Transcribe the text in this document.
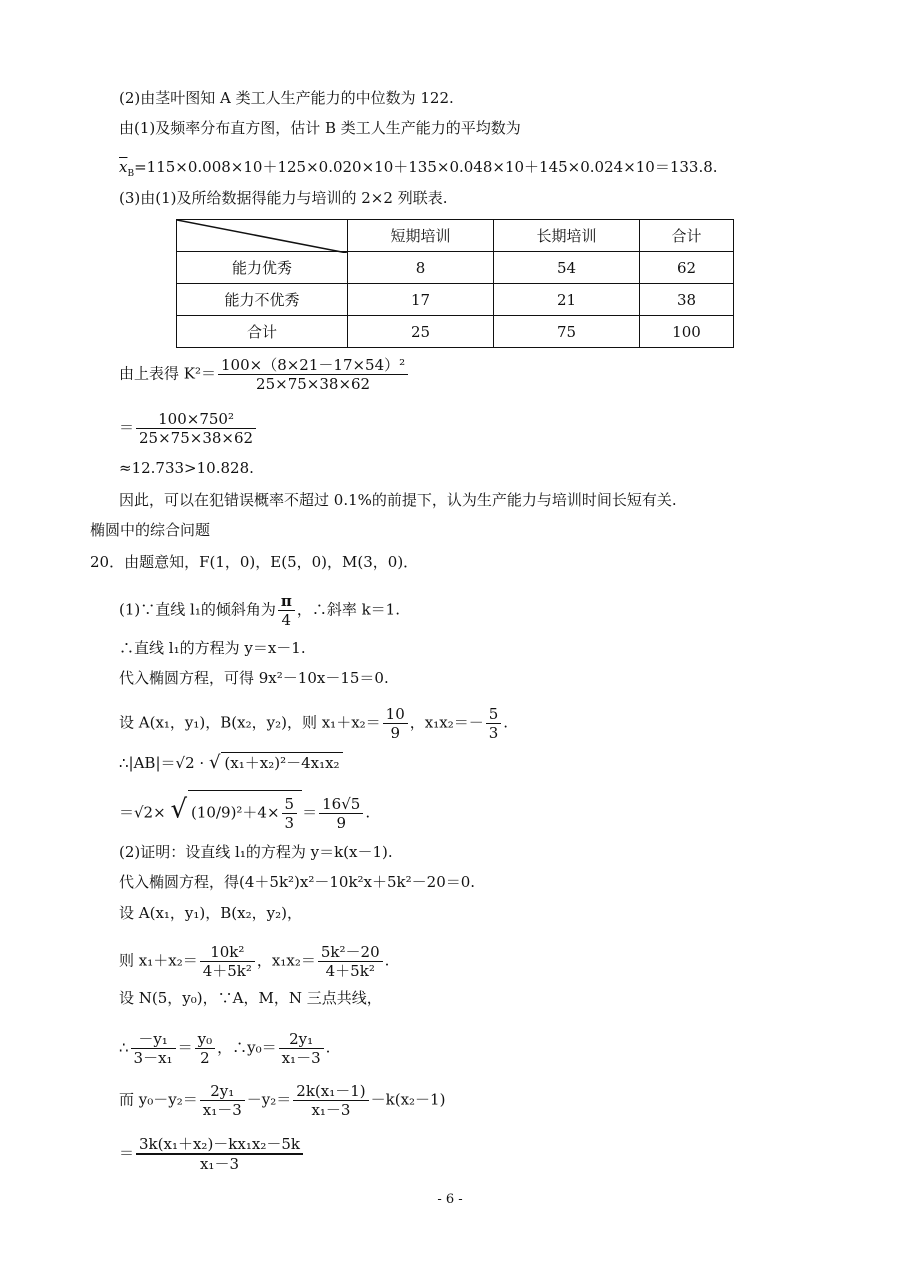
(2)由茎叶图知 A 类工人生产能力的中位数为 122.
由(1)及频率分布直方图，估计 B 类工人生产能力的平均数为
$\overline{x}_B=115\times 0.008\times 10+125\times 0.020\times 10+135\times 0.048\times 10+145\times 0.024\times 10=133.8$.
(3)由(1)及所给数据得能力与培训的 2×2 列联表.
	短期培训	长期培训	合计
能力优秀	8	54	62
能力不优秀	17	21	38
合计	25	75	100
由上表得 $K^2= \frac{\text{100×（8×21－17×54）²}}{25\times 75\times 38\times 62}$
＝ $\frac{\text{100×750²}}{25\times 75\times 38\times 62}$
≈12.733>10.828.
因此，可以在犯错误概率不超过 0.1%的前提下，认为生产能力与培训时间长短有关.
椭圆中的综合问题
20．由题意知，F(1，0)，E(5，0)，M(3，0)．
(1)∵直线 l₁的倾斜角为 $\frac{\pi}{4}$ ，∴斜率 k＝1.
∴直线 l₁的方程为 y＝x－1.
代入椭圆方程，可得 9x²－10x－15＝0.
设 A(x₁，y₁)，B(x₂，y₂)，则 $x_1+x_2= \frac{10}{9}$ ，$x_1x_2=- \frac{5}{3}$ .
∴|AB|＝√2 · √ (x₁＋x₂)²－4x₁x₂
＝√2× √ $(10/9)^2+4\times \frac{5}{3} = \frac{16√5}{9}$ .
(2)证明：设直线 l₁的方程为 y＝k(x－1).
代入椭圆方程，得(4＋5k²)x²－10k²x＋5k²－20＝0.
设 A(x₁，y₁)，B(x₂，y₂)，
则 $x_1+x_2= \frac{\text{10k²}}{\text{4＋5k²}}$ ，$x_1x_2= \frac{\text{5k²－20}}{\text{4＋5k²}}$ .
设 N(5，y₀)，∵A，M，N 三点共线，
∴ $\frac{\text{－y₁}}{\text{3－x₁}} = \frac{\text{y₀}}{2}$ ，∴y₀＝ $\frac{\text{2y₁}}{\text{x₁－3}}$ .
而 $y_0-y_2= \frac{\text{2y₁}}{\text{x₁－3}} -y_2= \frac{\text{2k(x₁－1)}}{\text{x₁－3}} -k(x_2-1)$
＝ $\frac{\text{3k(x₁＋x₂)－kx₁x₂－5k}}{\text{x₁－3}}$
- 6 -
